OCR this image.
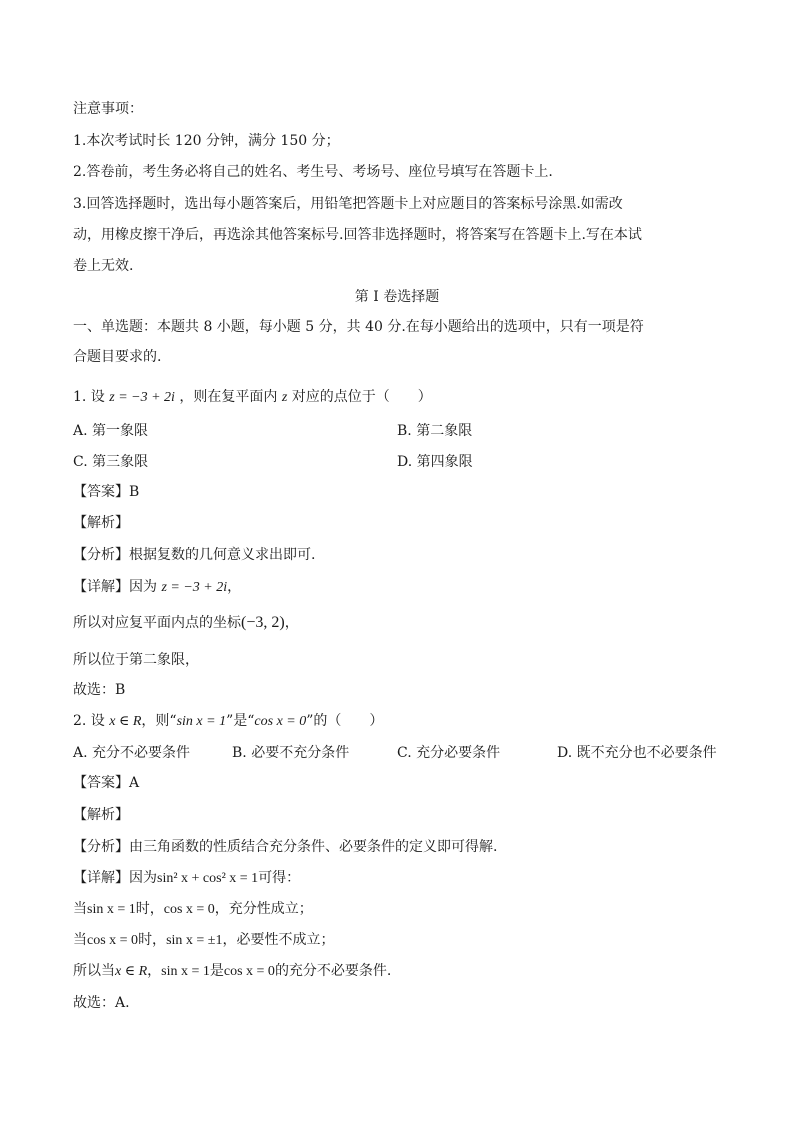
注意事项：
1.本次考试时长 120 分钟，满分 150 分；
2.答卷前，考生务必将自己的姓名、考生号、考场号、座位号填写在答题卡上.
3.回答选择题时，选出每小题答案后，用铅笔把答题卡上对应题目的答案标号涂黑.如需改
动，用橡皮擦干净后，再选涂其他答案标号.回答非选择题时，将答案写在答题卡上.写在本试
卷上无效.
第 I 卷选择题
一、单选题：本题共 8 小题，每小题 5 分，共 40 分.在每小题给出的选项中，只有一项是符
合题目要求的.
1. 设 z = −3 + 2i ，则在复平面内 z 对应的点位于（　　）
A. 第一象限	B. 第二象限
C. 第三象限	D. 第四象限
【答案】B
【解析】
【分析】根据复数的几何意义求出即可.
【详解】因为 z = −3 + 2i，
所以对应复平面内点的坐标(−3, 2)，
所以位于第二象限，
故选：B
2. 设 x ∈ R，则“sin x = 1”是“cos x = 0”的（　　）
A. 充分不必要条件	B. 必要不充分条件	C. 充分必要条件	D. 既不充分也不必要条件
【答案】A
【解析】
【分析】由三角函数的性质结合充分条件、必要条件的定义即可得解.
【详解】因为sin² x + cos² x = 1可得：
当sin x = 1时，cos x = 0，充分性成立；
当cos x = 0时，sin x = ±1，必要性不成立；
所以当x ∈ R，sin x = 1是cos x = 0的充分不必要条件.
故选：A.
